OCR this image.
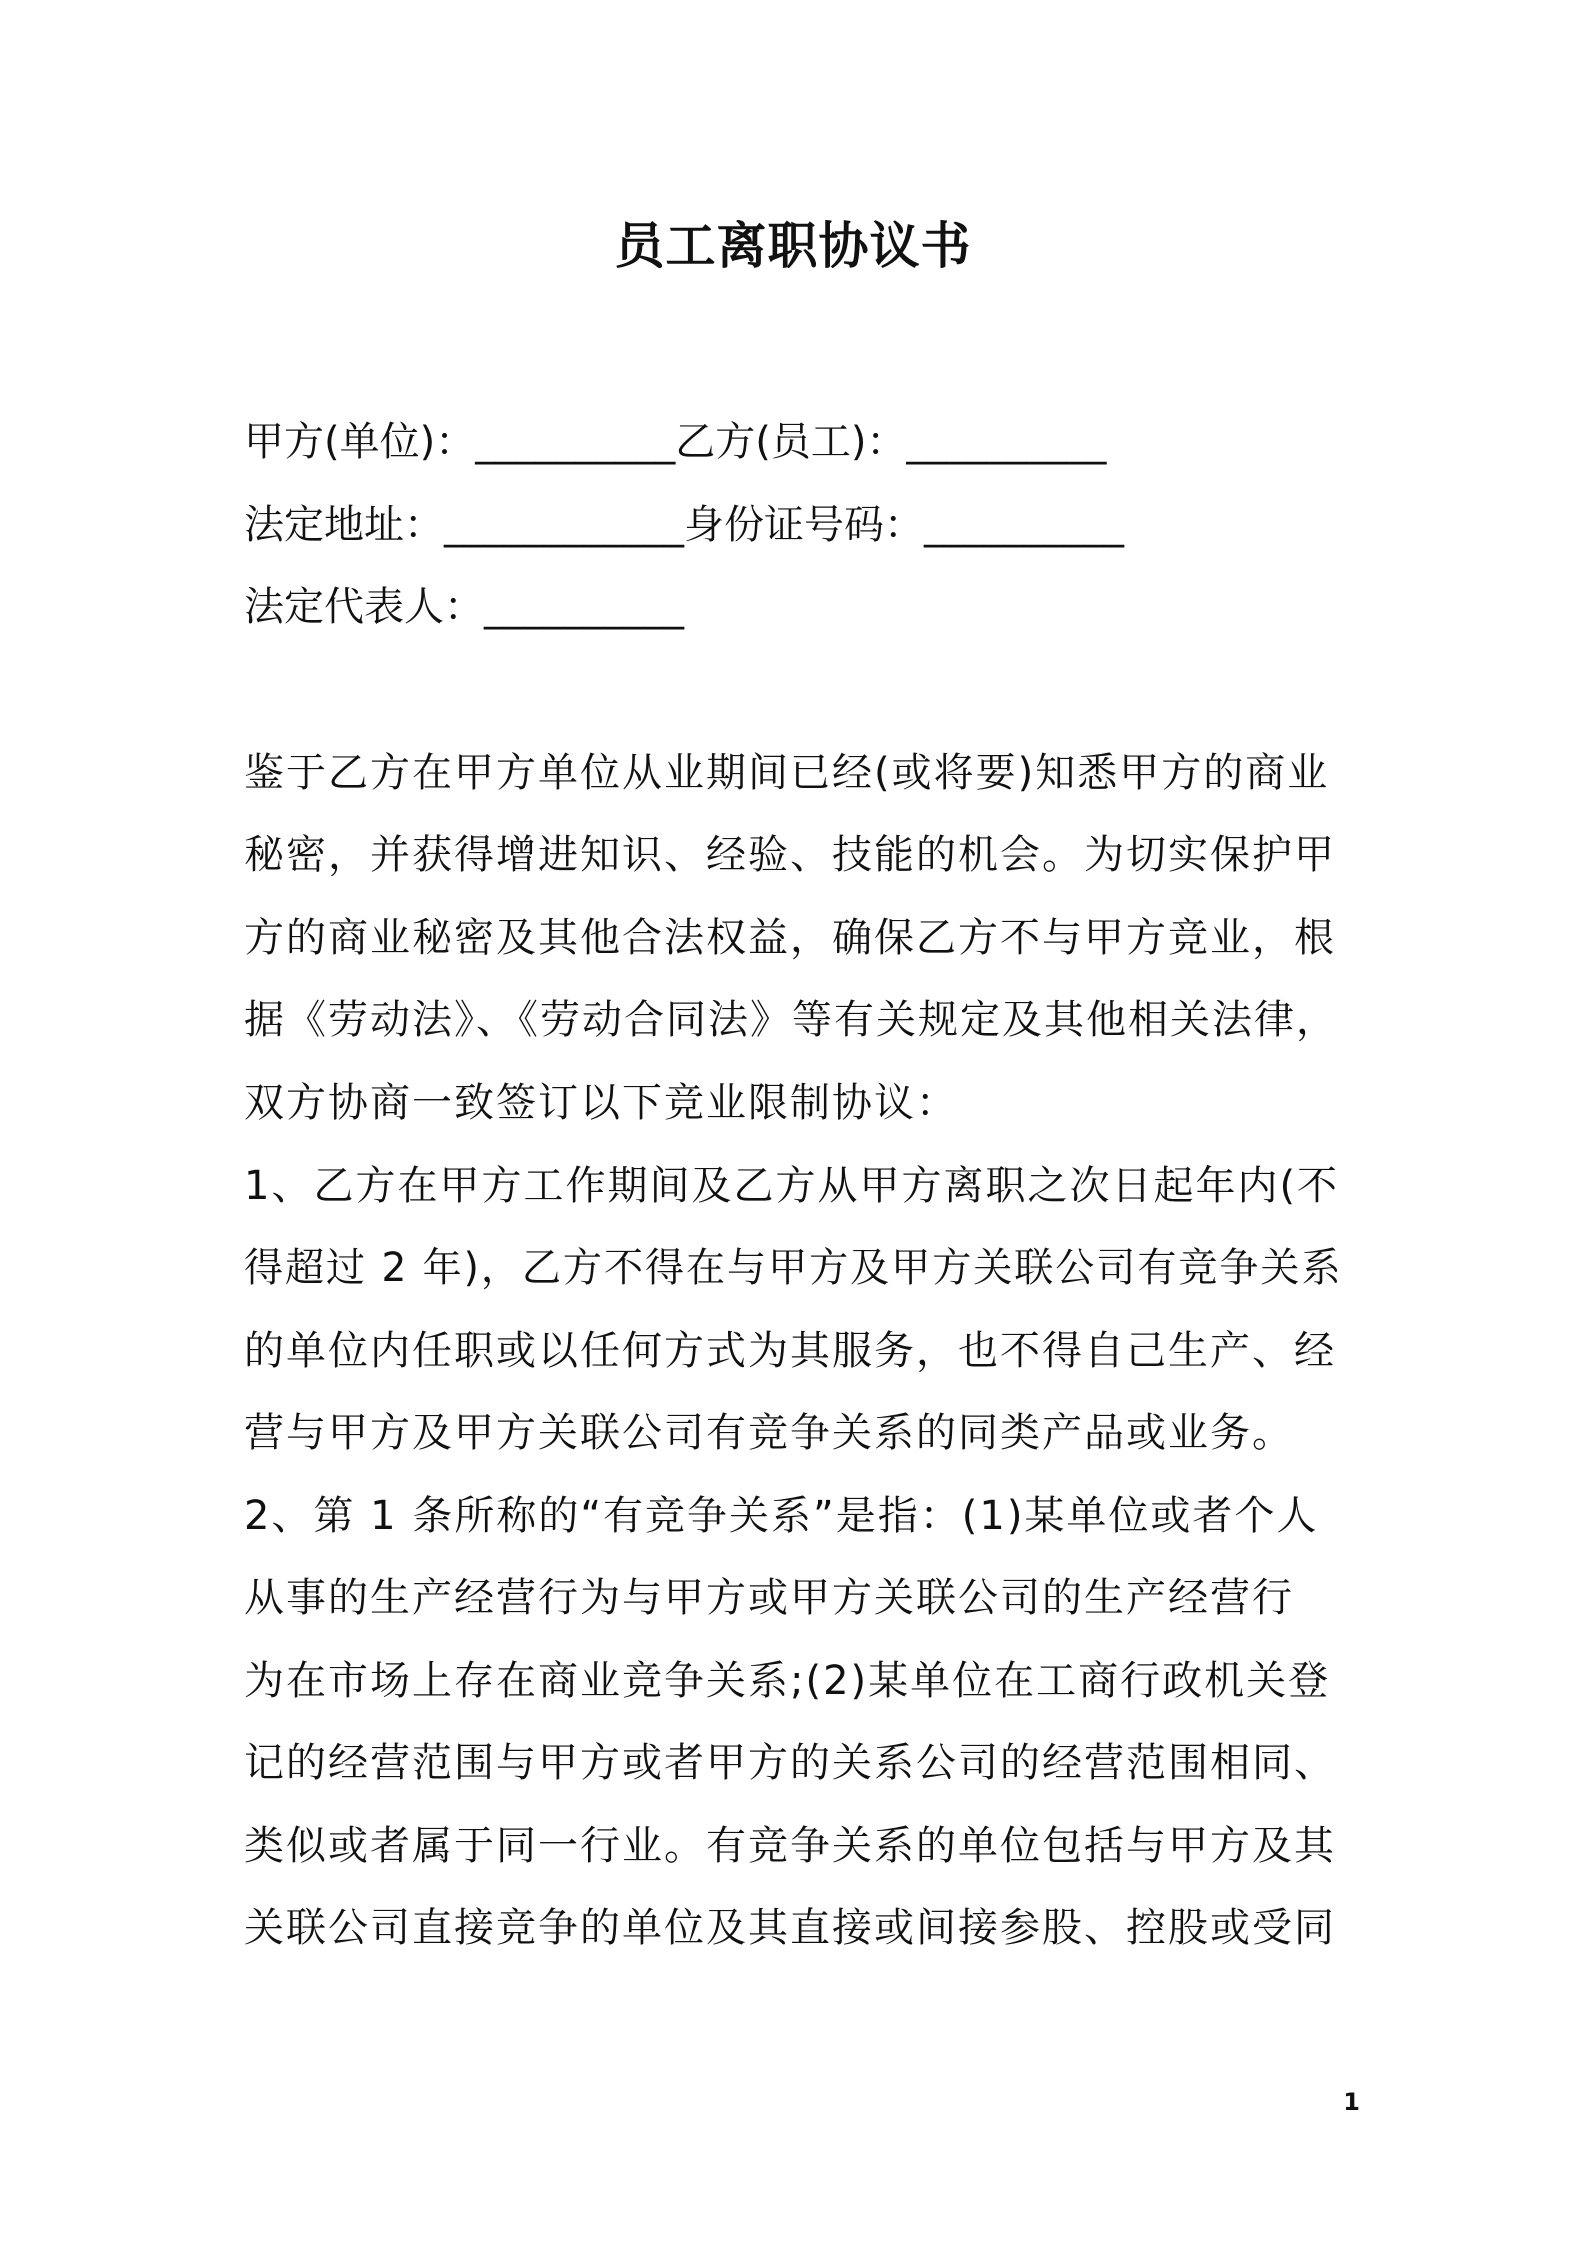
员工离职协议书
甲方(单位)：__________乙方(员工)：__________
法定地址：____________身份证号码：__________
法定代表人：__________
鉴于乙方在甲方单位从业期间已经(或将要)知悉甲方的商业
秘密，并获得增进知识、经验、技能的机会。为切实保护甲
方的商业秘密及其他合法权益，确保乙方不与甲方竞业，根
据《劳动法》、《劳动合同法》等有关规定及其他相关法律，
双方协商一致签订以下竞业限制协议：
1、乙方在甲方工作期间及乙方从甲方离职之次日起年内(不
得超过 2 年)，乙方不得在与甲方及甲方关联公司有竞争关系
的单位内任职或以任何方式为其服务，也不得自己生产、经
营与甲方及甲方关联公司有竞争关系的同类产品或业务。
2、第 1 条所称的“有竞争关系”是指：(1)某单位或者个人
从事的生产经营行为与甲方或甲方关联公司的生产经营行
为在市场上存在商业竞争关系;(2)某单位在工商行政机关登
记的经营范围与甲方或者甲方的关系公司的经营范围相同、
类似或者属于同一行业。有竞争关系的单位包括与甲方及其
关联公司直接竞争的单位及其直接或间接参股、控股或受同
1
